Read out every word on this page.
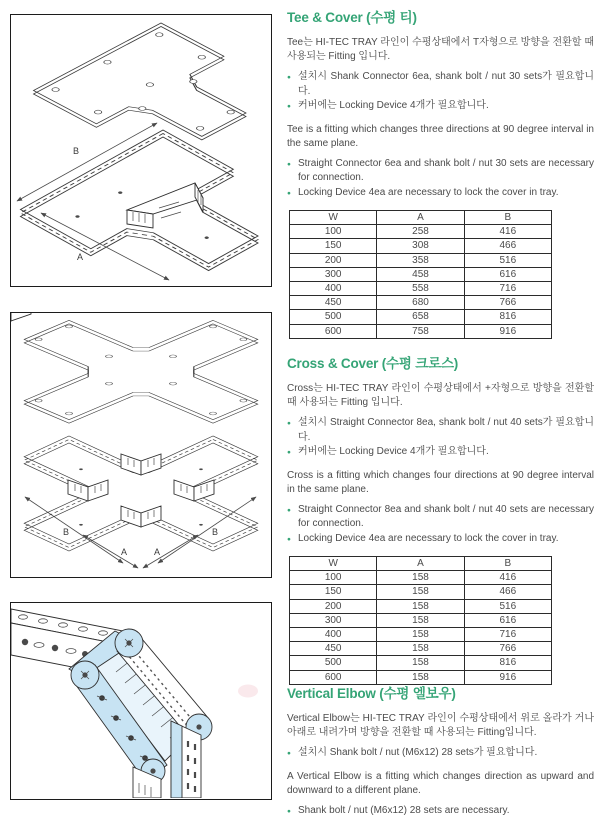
B
A
B	B
A	A
Tee & Cover (수평 티)

Tee는 HI-TEC TRAY 라인이 수평상태에서 T자형으로 방향을 전환할 때 사용되는 Fitting 입니다.

● 설치시 Shank Connector 6ea, shank bolt / nut 30 sets가 필요합니다.
● 커버에는 Locking Device 4개가 필요합니다.

Tee is a fitting which changes three directions at 90 degree interval in the same plane.

● Straight Connector 6ea and shank bolt / nut 30 sets are necessary for connection.
● Locking Device 4ea are necessary to lock the cover in tray.
W	A	B
100	258	416
150	308	466
200	358	516
300	458	616
400	558	716
450	680	766
500	658	816
600	758	916
Cross & Cover (수평 크로스)

Cross는 HI-TEC TRAY 라인이 수평상태에서 +자형으로 방향을 전환할 때 사용되는 Fitting 입니다.

● 설치시 Straight Connector 8ea, shank bolt / nut 40 sets가 필요합니다.
● 커버에는 Locking Device 4개가 필요합니다.

Cross is a fitting which changes four directions at 90 degree interval in the same plane.

● Straight Connector 8ea and shank bolt / nut 40 sets are necessary for connection.
● Locking Device 4ea are necessary to lock the cover in tray.
W	A	B
100	158	416
150	158	466
200	158	516
300	158	616
400	158	716
450	158	766
500	158	816
600	158	916
Vertical Elbow (수평 엘보우)

Vertical Elbow는 HI-TEC TRAY 라인이 수평상태에서 위로 올라가 거나 아래로 내려가며 방향을 전환할 때 사용되는 Fitting입니다.

● 설치시 Shank bolt / nut (M6x12) 28 sets가 필요합니다.

A Vertical Elbow is a fitting which changes direction as upward and downward to a different plane.

● Shank bolt / nut (M6x12) 28 sets are necessary.
